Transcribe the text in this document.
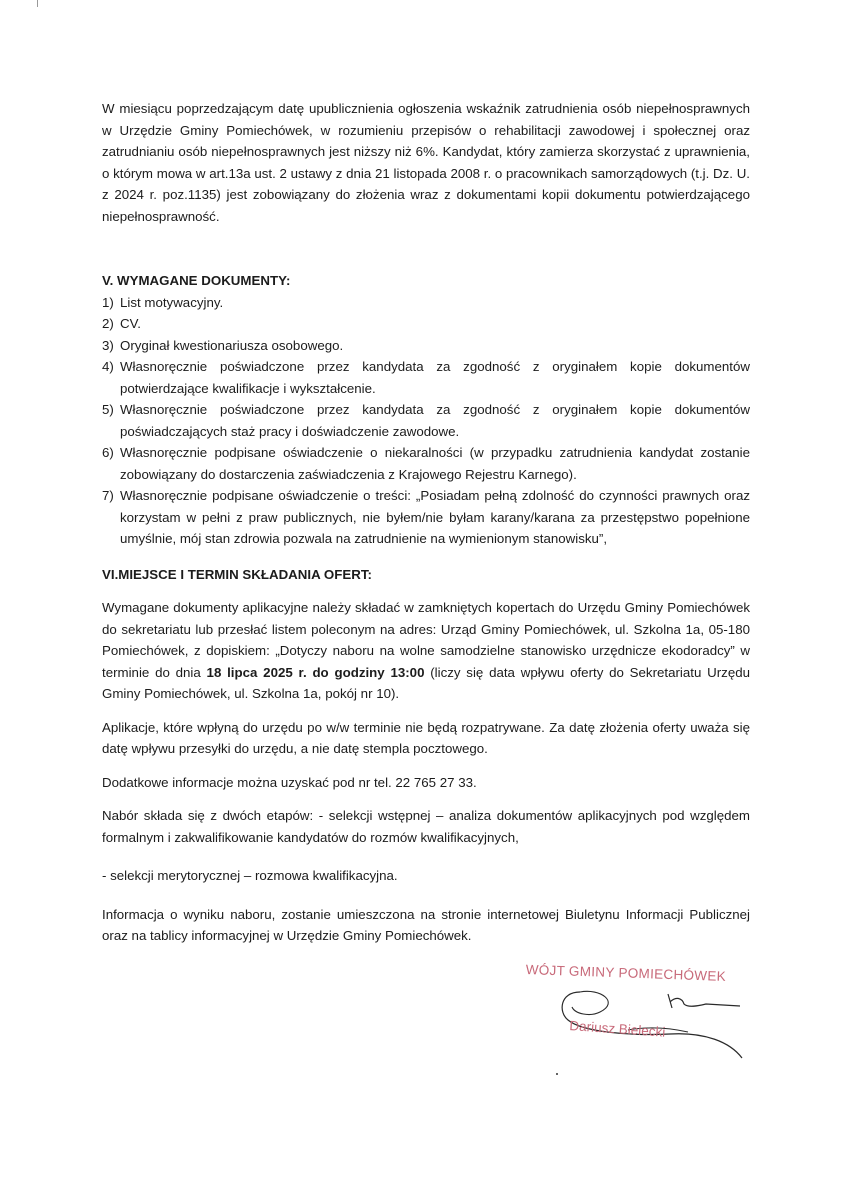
W miesiącu poprzedzającym datę upublicznienia ogłoszenia wskaźnik zatrudnienia osób niepełnosprawnych w Urzędzie Gminy Pomiechówek, w rozumieniu przepisów o rehabilitacji zawodowej i społecznej oraz zatrudnianiu osób niepełnosprawnych jest niższy niż 6%. Kandydat, który zamierza skorzystać z uprawnienia, o którym mowa w art.13a ust. 2 ustawy z dnia 21 listopada 2008 r. o pracownikach samorządowych (t.j. Dz. U. z 2024 r. poz.1135) jest zobowiązany do złożenia wraz z dokumentami kopii dokumentu potwierdzającego niepełnosprawność.

V. WYMAGANE DOKUMENTY:

1) List motywacyjny.
2) CV.
3) Oryginał kwestionariusza osobowego.
4) Własnoręcznie poświadczone przez kandydata za zgodność z oryginałem kopie dokumentów potwierdzające kwalifikacje i wykształcenie.
5) Własnoręcznie poświadczone przez kandydata za zgodność z oryginałem kopie dokumentów poświadczających staż pracy i doświadczenie zawodowe.
6) Własnoręcznie podpisane oświadczenie o niekaralności (w przypadku zatrudnienia kandydat zostanie zobowiązany do dostarczenia zaświadczenia z Krajowego Rejestru Karnego).
7) Własnoręcznie podpisane oświadczenie o treści: „Posiadam pełną zdolność do czynności prawnych oraz korzystam w pełni z praw publicznych, nie byłem/nie byłam karany/karana za przestępstwo popełnione umyślnie, mój stan zdrowia pozwala na zatrudnienie na wymienionym stanowisku”,

VI.MIEJSCE I TERMIN SKŁADANIA OFERT:

Wymagane dokumenty aplikacyjne należy składać w zamkniętych kopertach do Urzędu Gminy Pomiechówek do sekretariatu lub przesłać listem poleconym na adres: Urząd Gminy Pomiechówek, ul. Szkolna 1a, 05-180 Pomiechówek, z dopiskiem: „Dotyczy naboru na wolne samodzielne stanowisko urzędnicze ekodoradcy” w terminie do dnia 18 lipca 2025 r. do godziny 13:00 (liczy się data wpływu oferty do Sekretariatu Urzędu Gminy Pomiechówek, ul. Szkolna 1a, pokój nr 10).

Aplikacje, które wpłyną do urzędu po w/w terminie nie będą rozpatrywane. Za datę złożenia oferty uważa się datę wpływu przesyłki do urzędu, a nie datę stempla pocztowego.

Dodatkowe informacje można uzyskać pod nr tel. 22 765 27 33.

Nabór składa się z dwóch etapów: - selekcji wstępnej – analiza dokumentów aplikacyjnych pod względem formalnym i zakwalifikowanie kandydatów do rozmów kwalifikacyjnych,

- selekcji merytorycznej – rozmowa kwalifikacyjna.

Informacja o wyniku naboru, zostanie umieszczona na stronie internetowej Biuletynu Informacji Publicznej oraz na tablicy informacyjnej w Urzędzie Gminy Pomiechówek.

WÓJT GMINY POMIECHÓWEK
Dariusz Bielecki
